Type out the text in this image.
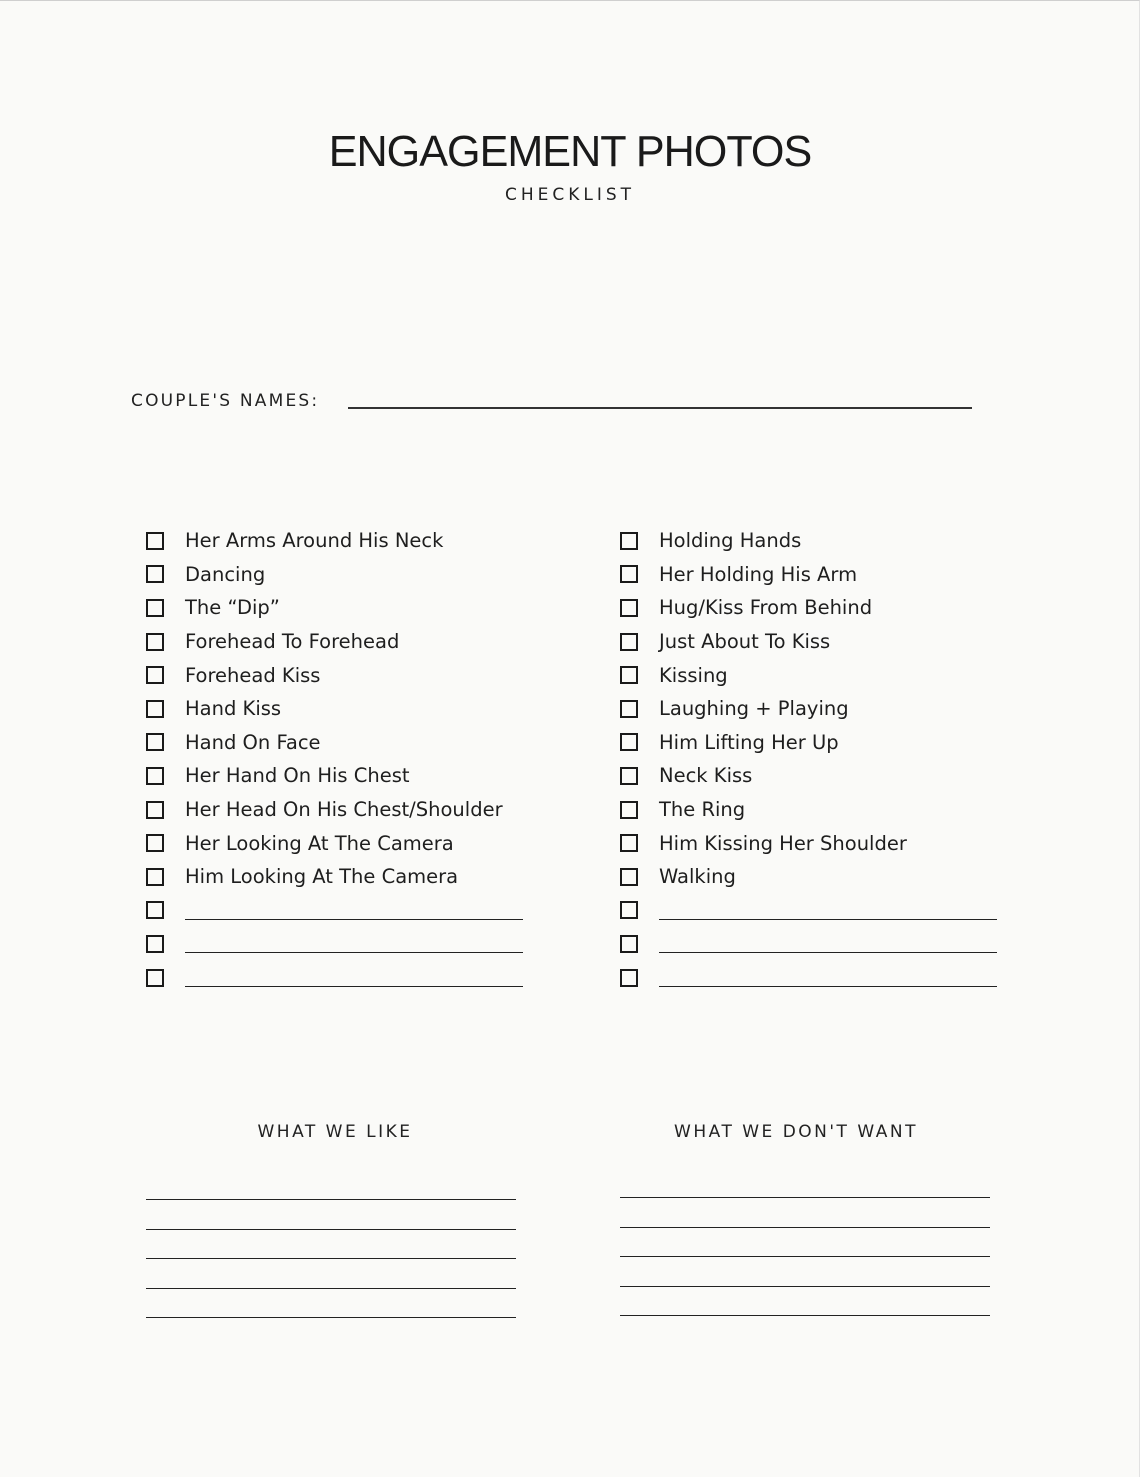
ENGAGEMENT PHOTOS
CHECKLIST
COUPLE'S NAMES:
Her Arms Around His Neck
Dancing
The “Dip”
Forehead To Forehead
Forehead Kiss
Hand Kiss
Hand On Face
Her Hand On His Chest
Her Head On His Chest/Shoulder
Her Looking At The Camera
Him Looking At The Camera
Holding Hands
Her Holding His Arm
Hug/Kiss From Behind
Just About To Kiss
Kissing
Laughing + Playing
Him Lifting Her Up
Neck Kiss
The Ring
Him Kissing Her Shoulder
Walking
WHAT WE LIKE	WHAT WE DON'T WANT
